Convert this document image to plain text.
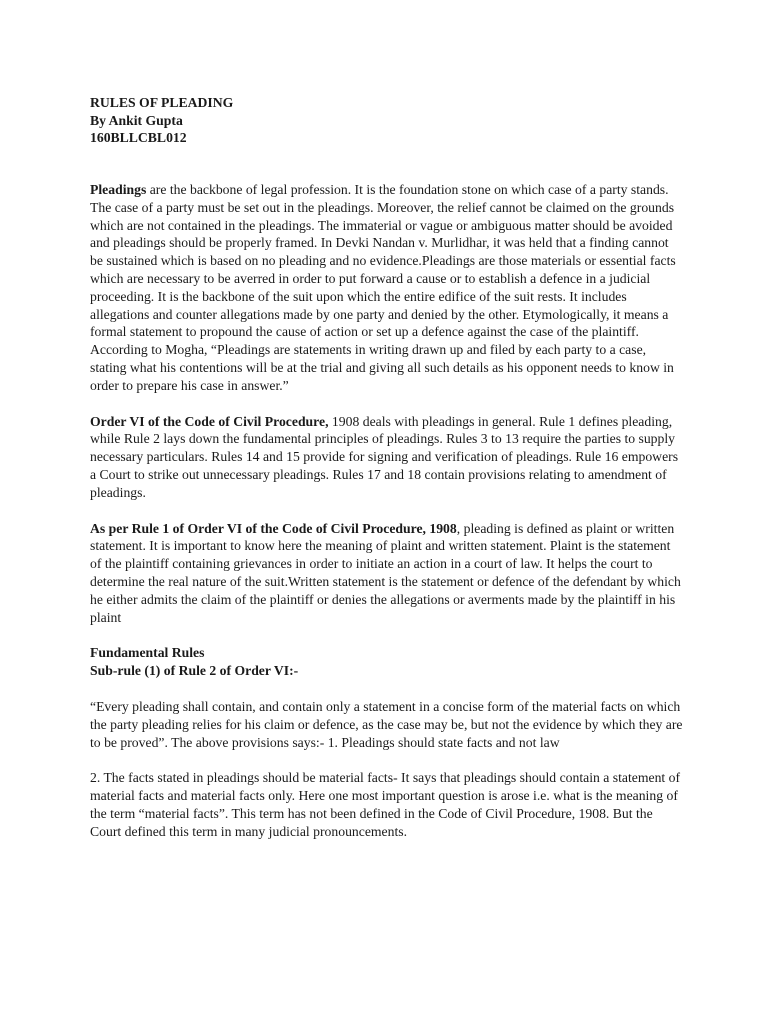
RULES OF PLEADING
By Ankit Gupta
160BLLCBL012

Pleadings are the backbone of legal profession. It is the foundation stone on which case of a party stands. The case of a party must be set out in the pleadings. Moreover, the relief cannot be claimed on the grounds which are not contained in the pleadings. The immaterial or vague or ambiguous matter should be avoided and pleadings should be properly framed. In Devki Nandan v. Murlidhar, it was held that a finding cannot be sustained which is based on no pleading and no evidence.Pleadings are those materials or essential facts which are necessary to be averred in order to put forward a cause or to establish a defence in a judicial proceeding. It is the backbone of the suit upon which the entire edifice of the suit rests. It includes allegations and counter allegations made by one party and denied by the other. Etymologically, it means a formal statement to propound the cause of action or set up a defence against the case of the plaintiff. According to Mogha, “Pleadings are statements in writing drawn up and filed by each party to a case, stating what his contentions will be at the trial and giving all such details as his opponent needs to know in order to prepare his case in answer.”

Order VI of the Code of Civil Procedure, 1908 deals with pleadings in general. Rule 1 defines pleading, while Rule 2 lays down the fundamental principles of pleadings. Rules 3 to 13 require the parties to supply necessary particulars. Rules 14 and 15 provide for signing and verification of pleadings. Rule 16 empowers a Court to strike out unnecessary pleadings. Rules 17 and 18 contain provisions relating to amendment of pleadings.

As per Rule 1 of Order VI of the Code of Civil Procedure, 1908, pleading is defined as plaint or written statement. It is important to know here the meaning of plaint and written statement. Plaint is the statement of the plaintiff containing grievances in order to initiate an action in a court of law. It helps the court to determine the real nature of the suit.Written statement is the statement or defence of the defendant by which he either admits the claim of the plaintiff or denies the allegations or averments made by the plaintiff in his plaint

Fundamental Rules
Sub-rule (1) of Rule 2 of Order VI:-

“Every pleading shall contain, and contain only a statement in a concise form of the material facts on which the party pleading relies for his claim or defence, as the case may be, but not the evidence by which they are to be proved”. The above provisions says:- 1. Pleadings should state facts and not law

2. The facts stated in pleadings should be material facts- It says that pleadings should contain a statement of material facts and material facts only. Here one most important question is arose i.e. what is the meaning of the term “material facts”. This term has not been defined in the Code of Civil Procedure, 1908. But the Court defined this term in many judicial pronouncements.
